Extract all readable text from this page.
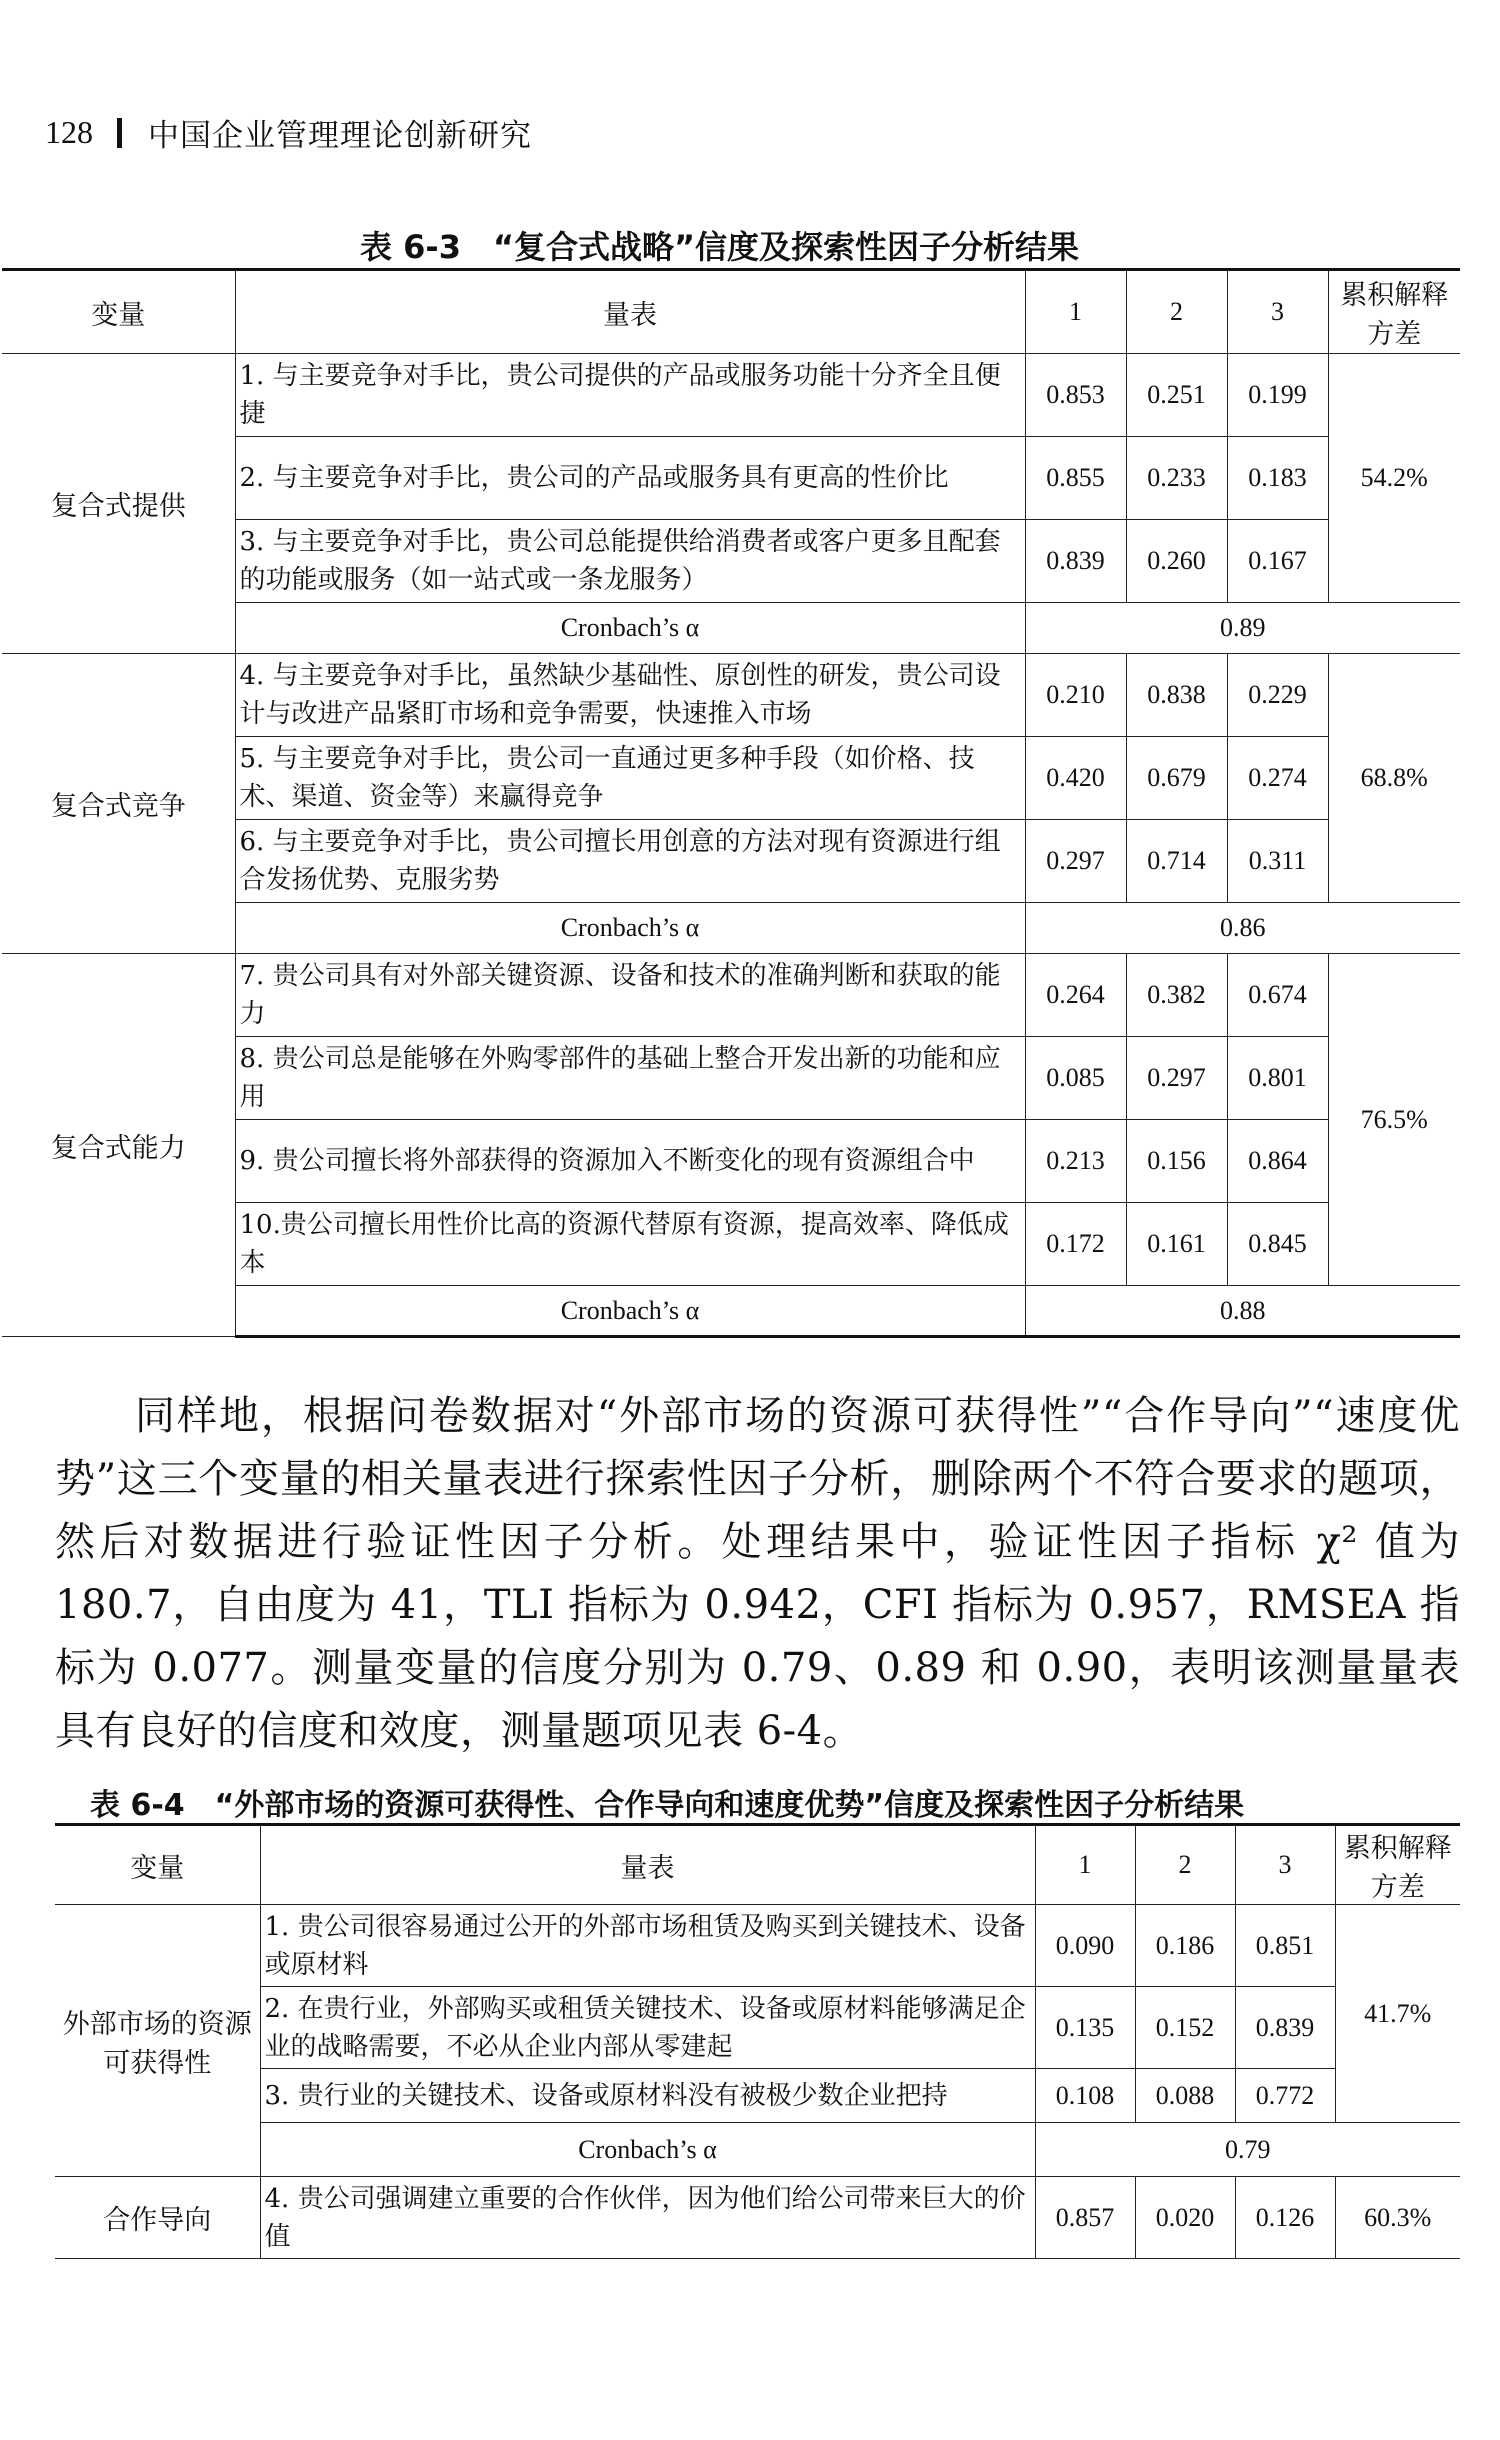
128 中国企业管理理论创新研究
表 6-3　“复合式战略”信度及探索性因子分析结果
变量	量表	1	2	3	累积解释方差
复合式提供	1. 与主要竞争对手比，贵公司提供的产品或服务功能十分齐全且便捷	0.853	0.251	0.199	54.2%
	2. 与主要竞争对手比，贵公司的产品或服务具有更高的性价比	0.855	0.233	0.183	
	3. 与主要竞争对手比，贵公司总能提供给消费者或客户更多且配套的功能或服务（如一站式或一条龙服务）	0.839	0.260	0.167	
	Cronbach’s α	0.89			
复合式竞争	4. 与主要竞争对手比，虽然缺少基础性、原创性的研发，贵公司设计与改进产品紧盯市场和竞争需要，快速推入市场	0.210	0.838	0.229	68.8%
	5. 与主要竞争对手比，贵公司一直通过更多种手段（如价格、技术、渠道、资金等）来赢得竞争	0.420	0.679	0.274	
	6. 与主要竞争对手比，贵公司擅长用创意的方法对现有资源进行组合发扬优势、克服劣势	0.297	0.714	0.311	
	Cronbach’s α	0.86			
复合式能力	7. 贵公司具有对外部关键资源、设备和技术的准确判断和获取的能力	0.264	0.382	0.674	76.5%
	8. 贵公司总是能够在外购零部件的基础上整合开发出新的功能和应用	0.085	0.297	0.801	
	9. 贵公司擅长将外部获得的资源加入不断变化的现有资源组合中	0.213	0.156	0.864	
	10.贵公司擅长用性价比高的资源代替原有资源，提高效率、降低成本	0.172	0.161	0.845	
	Cronbach’s α	0.88			

同样地，根据问卷数据对“外部市场的资源可获得性”“合作导向”“速度优势”这三个变量的相关量表进行探索性因子分析，删除两个不符合要求的题项，然后对数据进行验证性因子分析。处理结果中，验证性因子指标 χ² 值为 180.7，自由度为 41，TLI 指标为 0.942，CFI 指标为 0.957，RMSEA 指标为 0.077。测量变量的信度分别为 0.79、0.89 和 0.90，表明该测量量表具有良好的信度和效度，测量题项见表 6-4。

表 6-4　“外部市场的资源可获得性、合作导向和速度优势”信度及探索性因子分析结果
变量	量表	1	2	3	累积解释方差
外部市场的资源可获得性	1. 贵公司很容易通过公开的外部市场租赁及购买到关键技术、设备或原材料	0.090	0.186	0.851	41.7%
	2. 在贵行业，外部购买或租赁关键技术、设备或原材料能够满足企业的战略需要，不必从企业内部从零建起	0.135	0.152	0.839	
	3. 贵行业的关键技术、设备或原材料没有被极少数企业把持	0.108	0.088	0.772	
	Cronbach’s α	0.79			
合作导向	4. 贵公司强调建立重要的合作伙伴，因为他们给公司带来巨大的价值	0.857	0.020	0.126	60.3%
